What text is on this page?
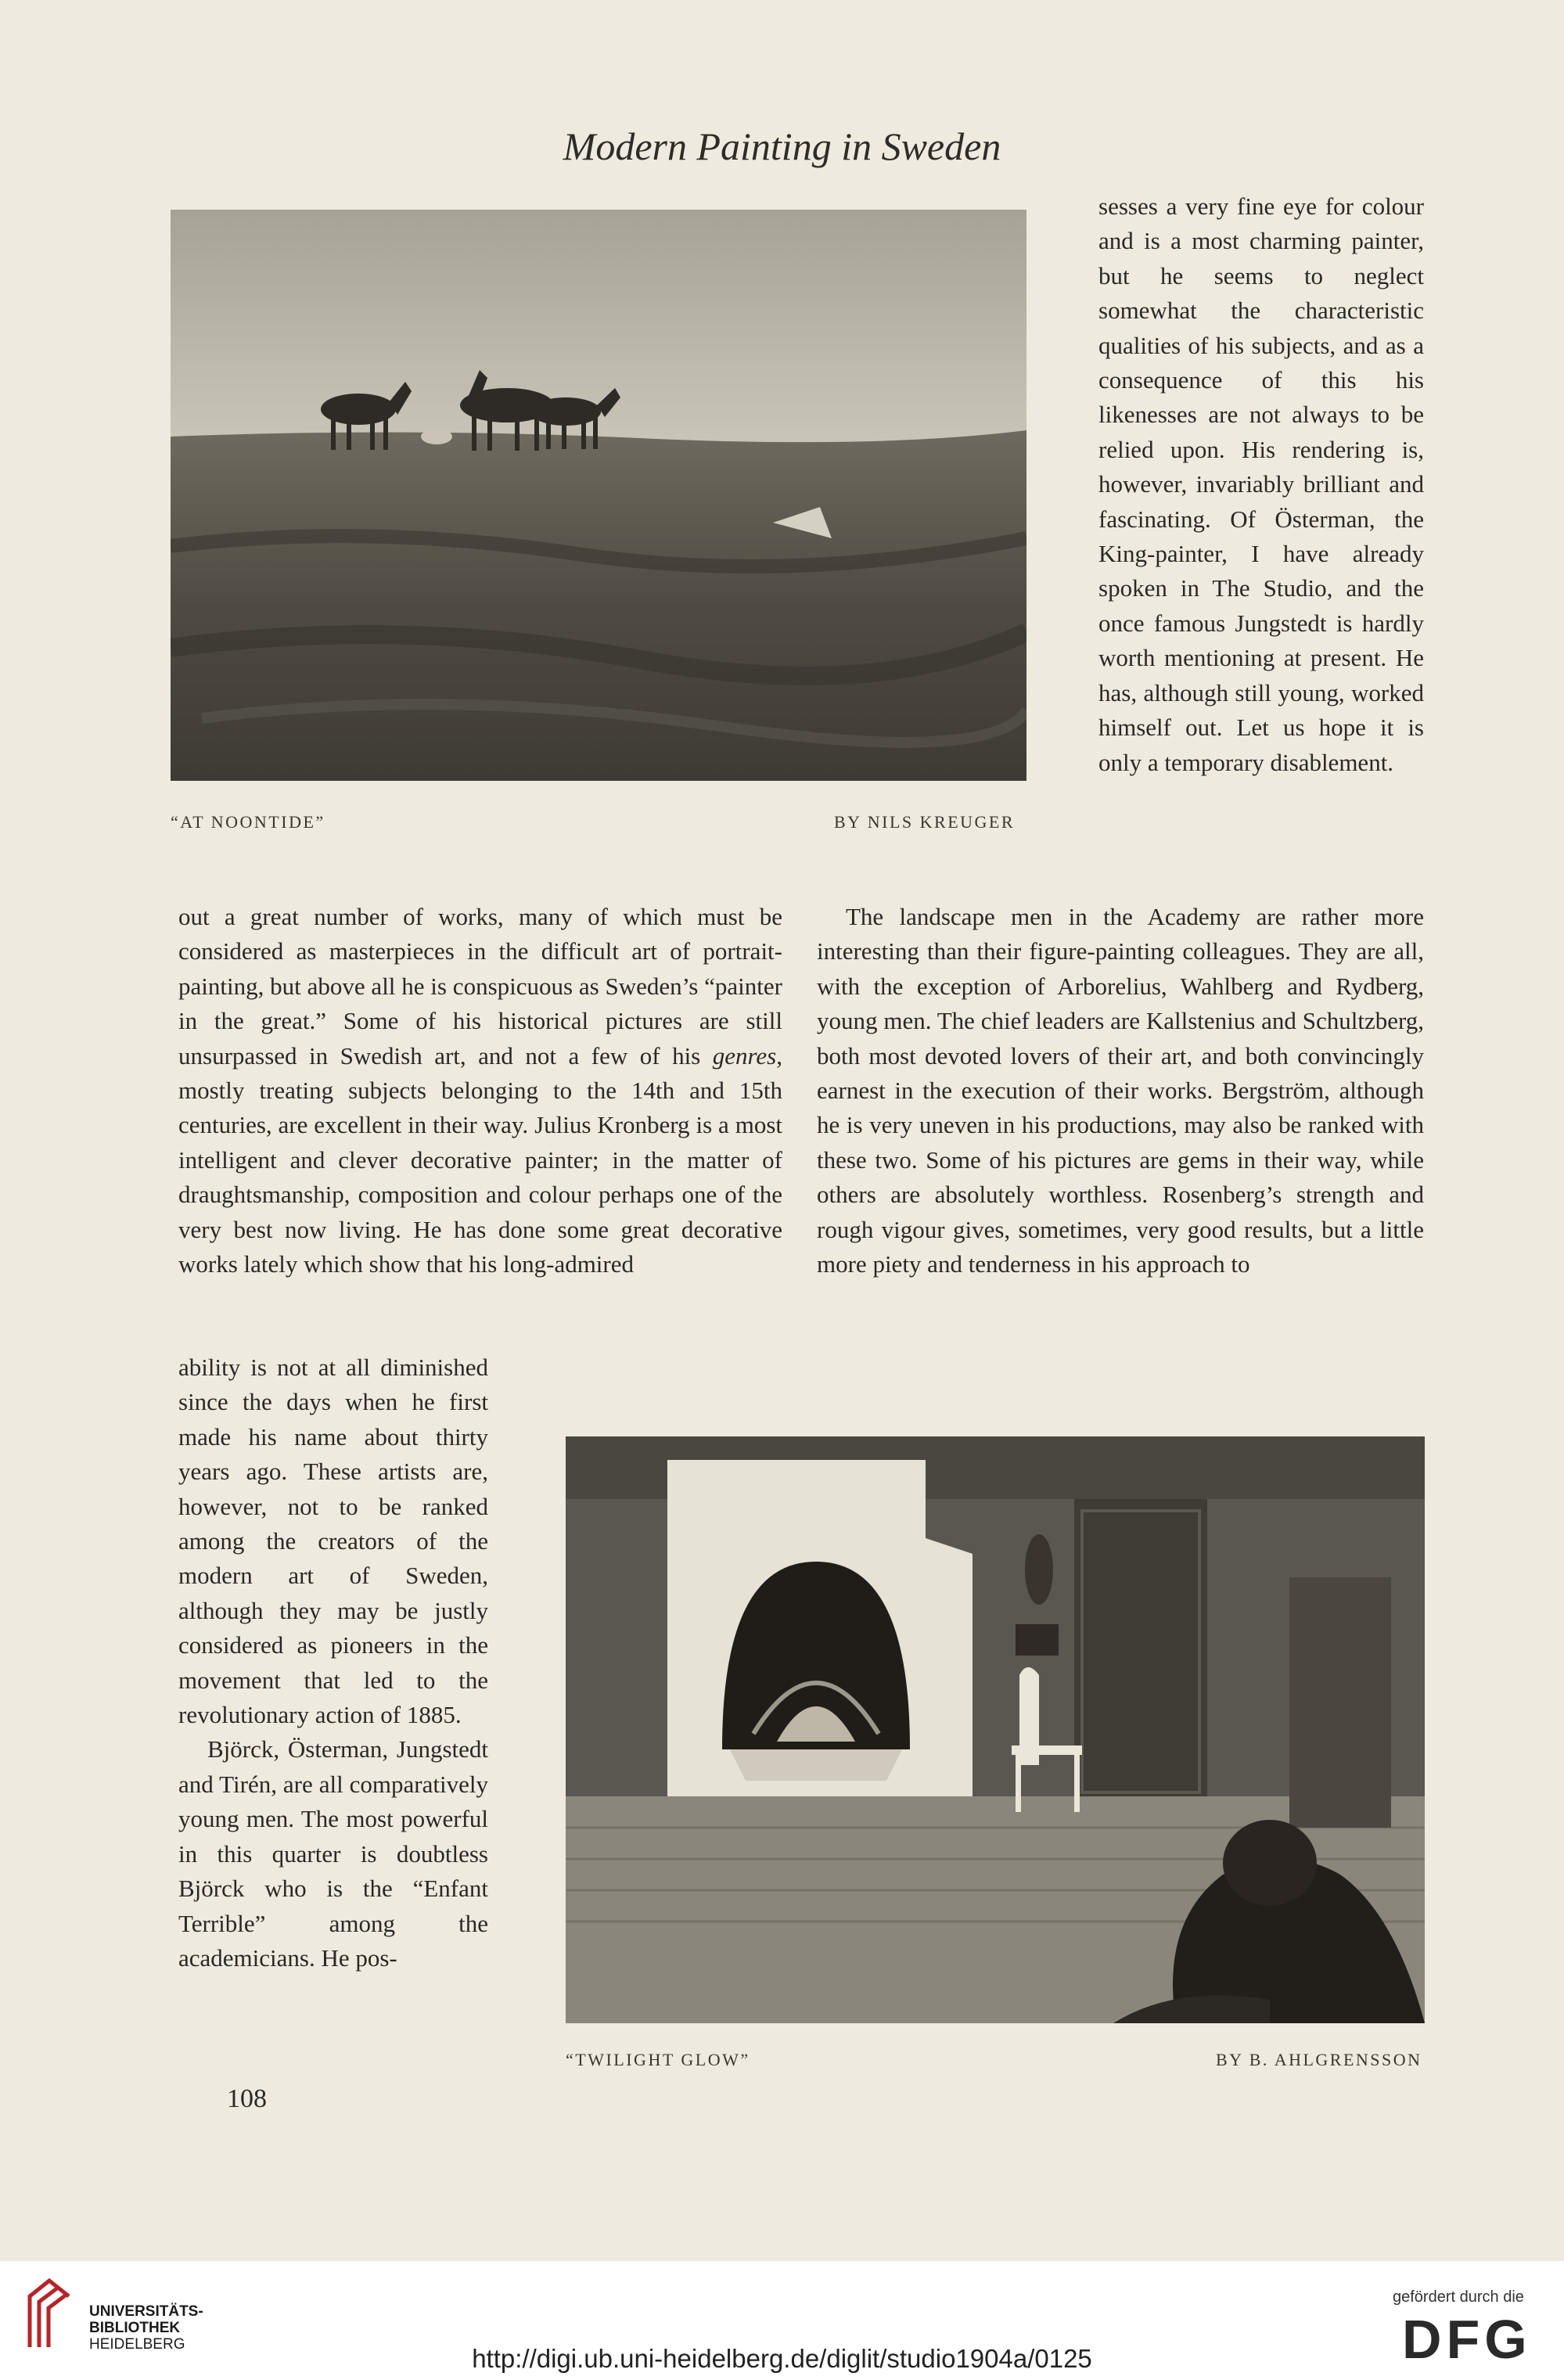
Modern Painting in Sweden
“AT NOONTIDE”	BY NILS KREUGER

sesses a very fine eye for colour and is a most charming painter, but he seems to neglect somewhat the characteristic qualities of his subjects, and as a consequence of this his likenesses are not always to be relied upon. His rendering is, however, invariably brilliant and fascinating. Of Österman, the King-painter, I have already spoken in The Studio, and the once famous Jungstedt is hardly worth mentioning at present. He has, although still young, worked himself out. Let us hope it is only a temporary disablement.

out a great number of works, many of which must be considered as masterpieces in the difficult art of portrait-painting, but above all he is conspicuous as Sweden’s “painter in the great.” Some of his historical pictures are still unsurpassed in Swedish art, and not a few of his genres, mostly treating subjects belonging to the 14th and 15th centuries, are excellent in their way. Julius Kronberg is a most intelligent and clever decorative painter; in the matter of draughtsmanship, composition and colour perhaps one of the very best now living. He has done some great decorative works lately which show that his long-admired

The landscape men in the Academy are rather more interesting than their figure-painting colleagues. They are all, with the exception of Arborelius, Wahlberg and Rydberg, young men. The chief leaders are Kallstenius and Schultzberg, both most devoted lovers of their art, and both convincingly earnest in the execution of their works. Bergström, although he is very uneven in his productions, may also be ranked with these two. Some of his pictures are gems in their way, while others are absolutely worthless. Rosenberg’s strength and rough vigour gives, sometimes, very good results, but a little more piety and tenderness in his approach to

ability is not at all diminished since the days when he first made his name about thirty years ago. These artists are, however, not to be ranked among the creators of the modern art of Sweden, although they may be justly considered as pioneers in the movement that led to the revolutionary action of 1885.

Björck, Österman, Jungstedt and Tirén, are all comparatively young men. The most powerful in this quarter is doubtless Björck who is the “Enfant Terrible” among the academicians. He pos-

“TWILIGHT GLOW”	BY B. AHLGRENSSON
108
UNIVERSITÄTS-
BIBLIOTHEK
HEIDELBERG
gefördert durch die
DFG
http://digi.ub.uni-heidelberg.de/diglit/studio1904a/0125
